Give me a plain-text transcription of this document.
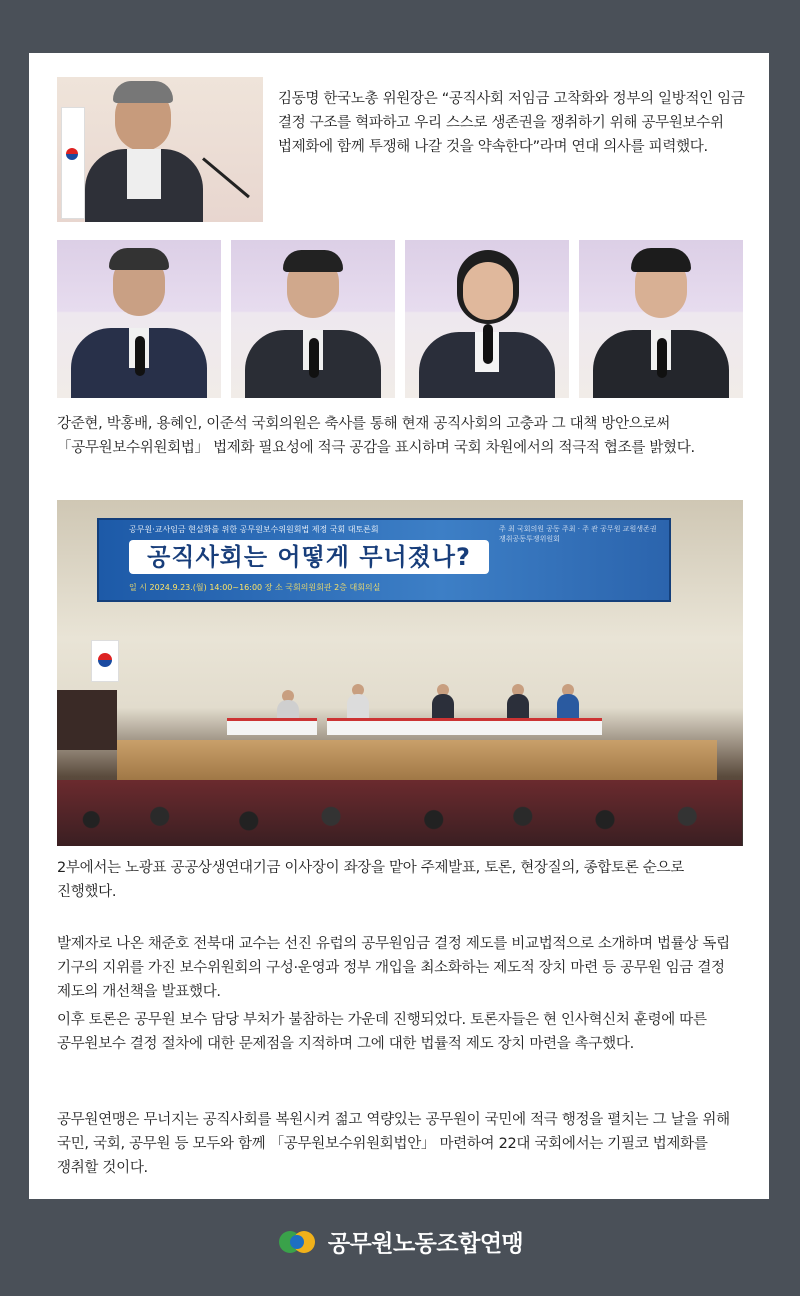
김동명 한국노총 위원장은 “공직사회 저임금 고착화와 정부의 일방적인 임금 결정 구조를 혁파하고 우리 스스로 생존권을 쟁취하기 위해 공무원보수위 법제화에 함께 투쟁해 나갈 것을 약속한다”라며 연대 의사를 피력했다.
강준현, 박홍배, 용혜인, 이준석 국회의원은 축사를 통해 현재 공직사회의 고충과 그 대책 방안으로써 「공무원보수위원회법」 법제화 필요성에 적극 공감을 표시하며 국회 차원에서의 적극적 협조를 밝혔다.
공무원·교사임금 현실화를 위한 공무원보수위원회법 제정 국회 대토론회
공직사회는 어떻게 무너졌나?
일 시 2024.9.23.(월) 14:00~16:00 장 소 국회의원회관 2층 대회의실
주 최 국회의원 공동 주최 · 주 관 공무원 교원생존권쟁취공동투쟁위원회
2부에서는 노광표 공공상생연대기금 이사장이 좌장을 맡아 주제발표, 토론, 현장질의, 종합토론 순으로 진행했다.
발제자로 나온 채준호 전북대 교수는 선진 유럽의 공무원임금 결정 제도를 비교법적으로 소개하며 법률상 독립 기구의 지위를 가진 보수위원회의 구성·운영과 정부 개입을 최소화하는 제도적 장치 마련 등 공무원 임금 결정 제도의 개선책을 발표했다.
이후 토론은 공무원 보수 담당 부처가 불참하는 가운데 진행되었다. 토론자들은 현 인사혁신처 훈령에 따른 공무원보수 결정 절차에 대한 문제점을 지적하며 그에 대한 법률적 제도 장치 마련을 촉구했다.
공무원연맹은 무너지는 공직사회를 복원시켜 젊고 역량있는 공무원이 국민에 적극 행정을 펼치는 그 날을 위해 국민, 국회, 공무원 등 모두와 함께 「공무원보수위원회법안」 마련하여 22대 국회에서는 기필코 법제화를 쟁취할 것이다.
공무원노동조합연맹
